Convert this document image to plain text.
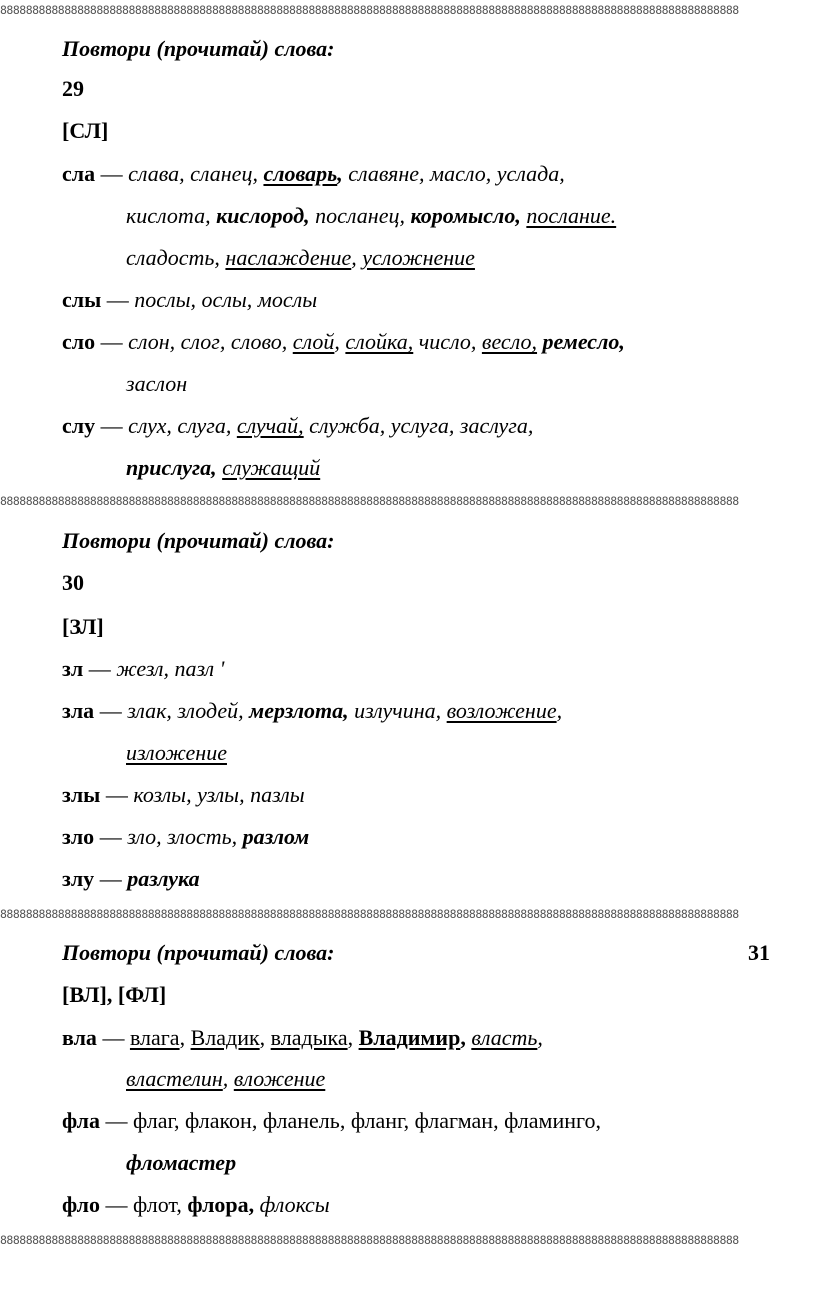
8888888888888888888888888888888888888888888888888888888888888888888888888888888888888888888888888888888888888888888
8888888888888888888888888888888888888888888888888888888888888888888888888888888888888888888888888888888888888888888
8888888888888888888888888888888888888888888888888888888888888888888888888888888888888888888888888888888888888888888
8888888888888888888888888888888888888888888888888888888888888888888888888888888888888888888888888888888888888888888
Повтори (прочитай) слова:
29
[СЛ]
сла — слава, сланец, словарь, славяне, масло, услада,
кислота, кислород, посланец, коромысло, послание.
сладость, наслаждение, усложнение
слы — послы, ослы, мослы
сло — слон, слог, слово, слой, слойка, число, весло, ремесло,
заслон
слу — слух, слуга, случай, служба, услуга, заслуга,
прислуга, служащий
Повтори (прочитай) слова:
30
[ЗЛ]
зл — жезл, пазл '
зла — злак, злодей, мерзлота, излучина, возложение,
изложение
злы — козлы, узлы, пазлы
зло — зло, злость, разлом
злу — разлука
Повтори (прочитай) слова:	31
[ВЛ], [ФЛ]
вла — влага, Владик, владыка, Владимир, власть,
властелин, вложение
фла — флаг, флакон, фланель, фланг, флагман, фламинго,
фломастер
фло — флот, флора, флоксы
